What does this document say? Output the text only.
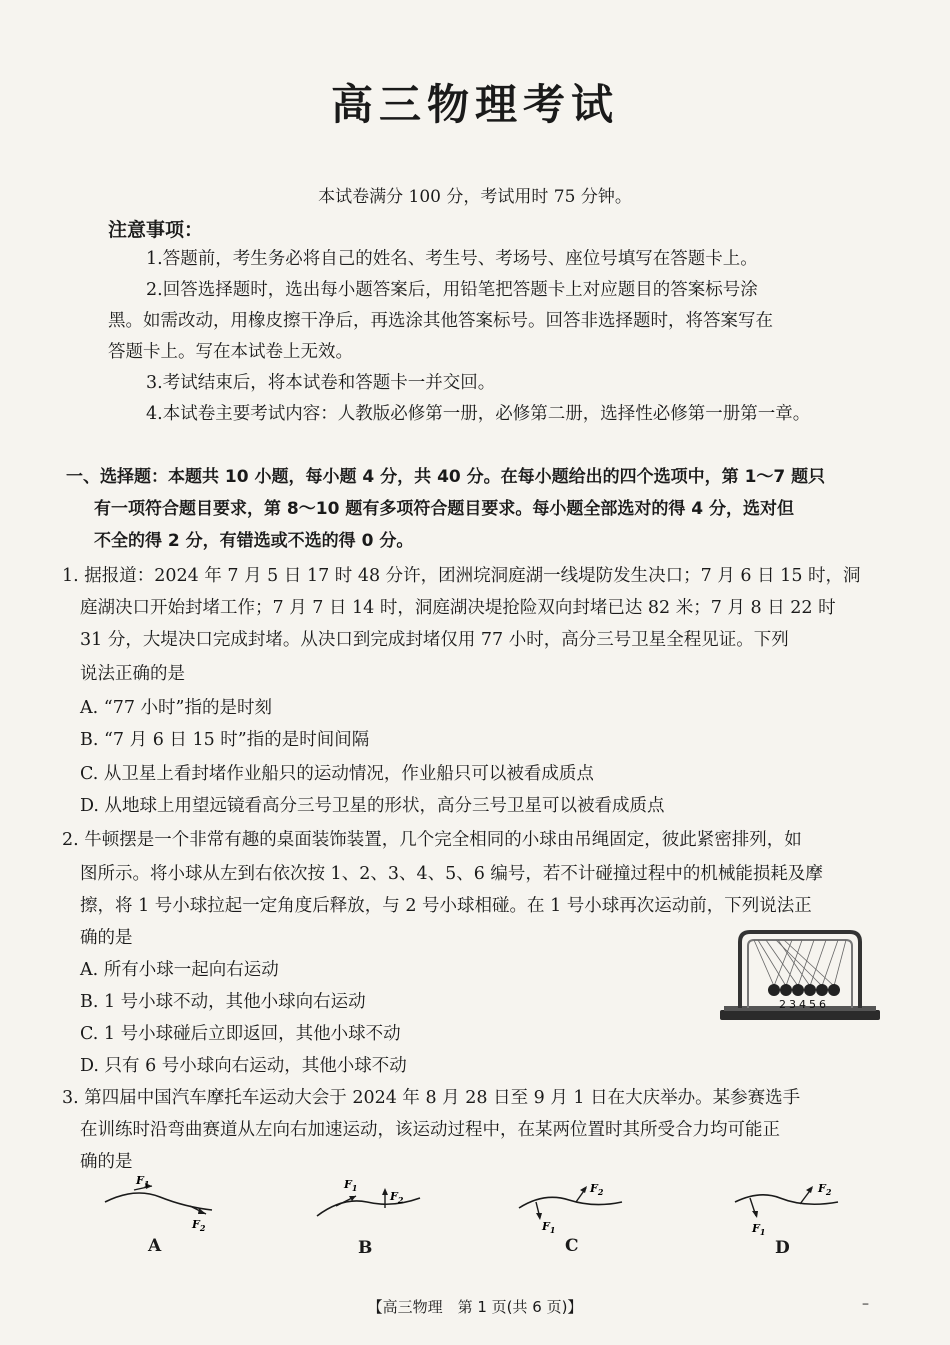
高三物理考试
本试卷满分 100 分，考试用时 75 分钟。
注意事项：
1.答题前，考生务必将自己的姓名、考生号、考场号、座位号填写在答题卡上。
2.回答选择题时，选出每小题答案后，用铅笔把答题卡上对应题目的答案标号涂
黑。如需改动，用橡皮擦干净后，再选涂其他答案标号。回答非选择题时，将答案写在
答题卡上。写在本试卷上无效。
3.考试结束后，将本试卷和答题卡一并交回。
4.本试卷主要考试内容：人教版必修第一册，必修第二册，选择性必修第一册第一章。
一、选择题：本题共 10 小题，每小题 4 分，共 40 分。在每小题给出的四个选项中，第 1～7 题只
有一项符合题目要求，第 8～10 题有多项符合题目要求。每小题全部选对的得 4 分，选对但
不全的得 2 分，有错选或不选的得 0 分。
1. 据报道：2024 年 7 月 5 日 17 时 48 分许，团洲垸洞庭湖一线堤防发生决口；7 月 6 日 15 时，洞
庭湖决口开始封堵工作；7 月 7 日 14 时，洞庭湖决堤抢险双向封堵已达 82 米；7 月 8 日 22 时
31 分，大堤决口完成封堵。从决口到完成封堵仅用 77 小时，高分三号卫星全程见证。下列
说法正确的是
A. “77 小时”指的是时刻
B. “7 月 6 日 15 时”指的是时间间隔
C. 从卫星上看封堵作业船只的运动情况，作业船只可以被看成质点
D. 从地球上用望远镜看高分三号卫星的形状，高分三号卫星可以被看成质点
2. 牛顿摆是一个非常有趣的桌面装饰装置，几个完全相同的小球由吊绳固定，彼此紧密排列，如
图所示。将小球从左到右依次按 1、2、3、4、5、6 编号，若不计碰撞过程中的机械能损耗及摩
擦，将 1 号小球拉起一定角度后释放，与 2 号小球相碰。在 1 号小球再次运动前，下列说法正
确的是
A. 所有小球一起向右运动
B. 1 号小球不动，其他小球向右运动
C. 1 号小球碰后立即返回，其他小球不动
D. 只有 6 号小球向右运动，其他小球不动
23456
3. 第四届中国汽车摩托车运动大会于 2024 年 8 月 28 日至 9 月 1 日在大庆举办。某参赛选手
在训练时沿弯曲赛道从左向右加速运动，该运动过程中，在某两位置时其所受合力均可能正
确的是
$F_1$
$F_2$
A
$F_1$
$F_2$
B
$F_1$
$F_2$
C
$F_1$
$F_2$
D
【高三物理　第 1 页(共 6 页)】	–
